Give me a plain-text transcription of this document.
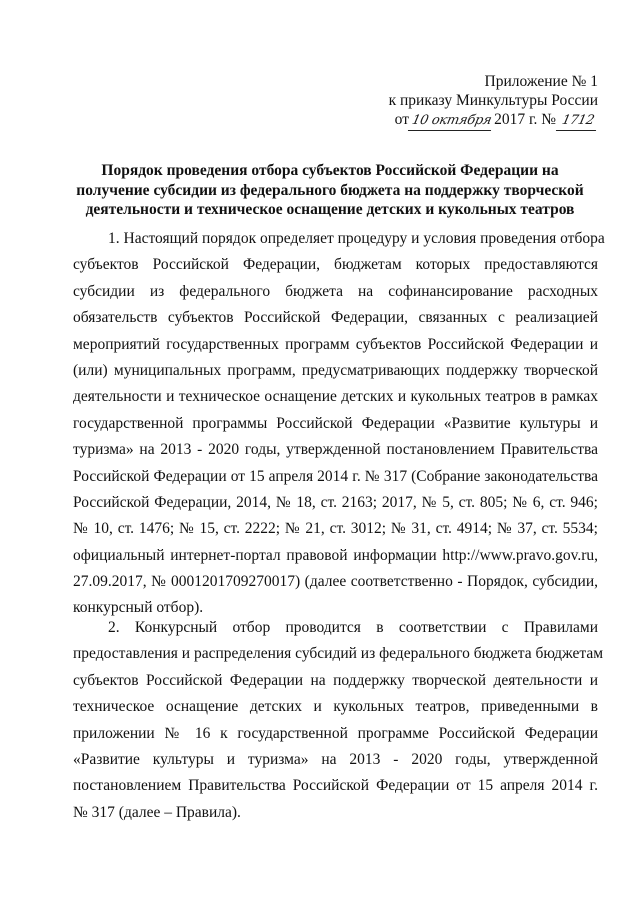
Приложение № 1
к приказу Минкультуры России
от 10 октября2017 г. № 1712
Порядок проведения отбора субъектов Российской Федерации на
получение субсидии из федерального бюджета на поддержку творческой
деятельности и техническое оснащение детских и кукольных театров
1. Настоящий порядок определяет процедуру и условия проведения отбора
субъектов Российской Федерации, бюджетам которых предоставляются
субсидии из федерального бюджета на софинансирование расходных
обязательств субъектов Российской Федерации, связанных с реализацией
мероприятий государственных программ субъектов Российской Федерации и
(или) муниципальных программ, предусматривающих поддержку творческой
деятельности и техническое оснащение детских и кукольных театров в рамках
государственной программы Российской Федерации «Развитие культуры и
туризма» на 2013 - 2020 годы, утвержденной постановлением Правительства
Российской Федерации от 15 апреля 2014 г. № 317 (Собрание законодательства
Российской Федерации, 2014, № 18, ст. 2163; 2017, № 5, ст. 805; № 6, ст. 946;
№ 10, ст. 1476; № 15, ст. 2222; № 21, ст. 3012; № 31, ст. 4914; № 37, ст. 5534;
официальный интернет-портал правовой информации http://www.pravo.gov.ru,
27.09.2017, № 0001201709270017) (далее соответственно - Порядок, субсидии,
конкурсный отбор).
2. Конкурсный отбор проводится в соответствии с Правилами
предоставления и распределения субсидий из федерального бюджета бюджетам
субъектов Российской Федерации на поддержку творческой деятельности и
техническое оснащение детских и кукольных театров, приведенными в
приложении № 16 к государственной программе Российской Федерации
«Развитие культуры и туризма» на 2013 - 2020 годы, утвержденной
постановлением Правительства Российской Федерации от 15 апреля 2014 г.
№ 317 (далее – Правила).
